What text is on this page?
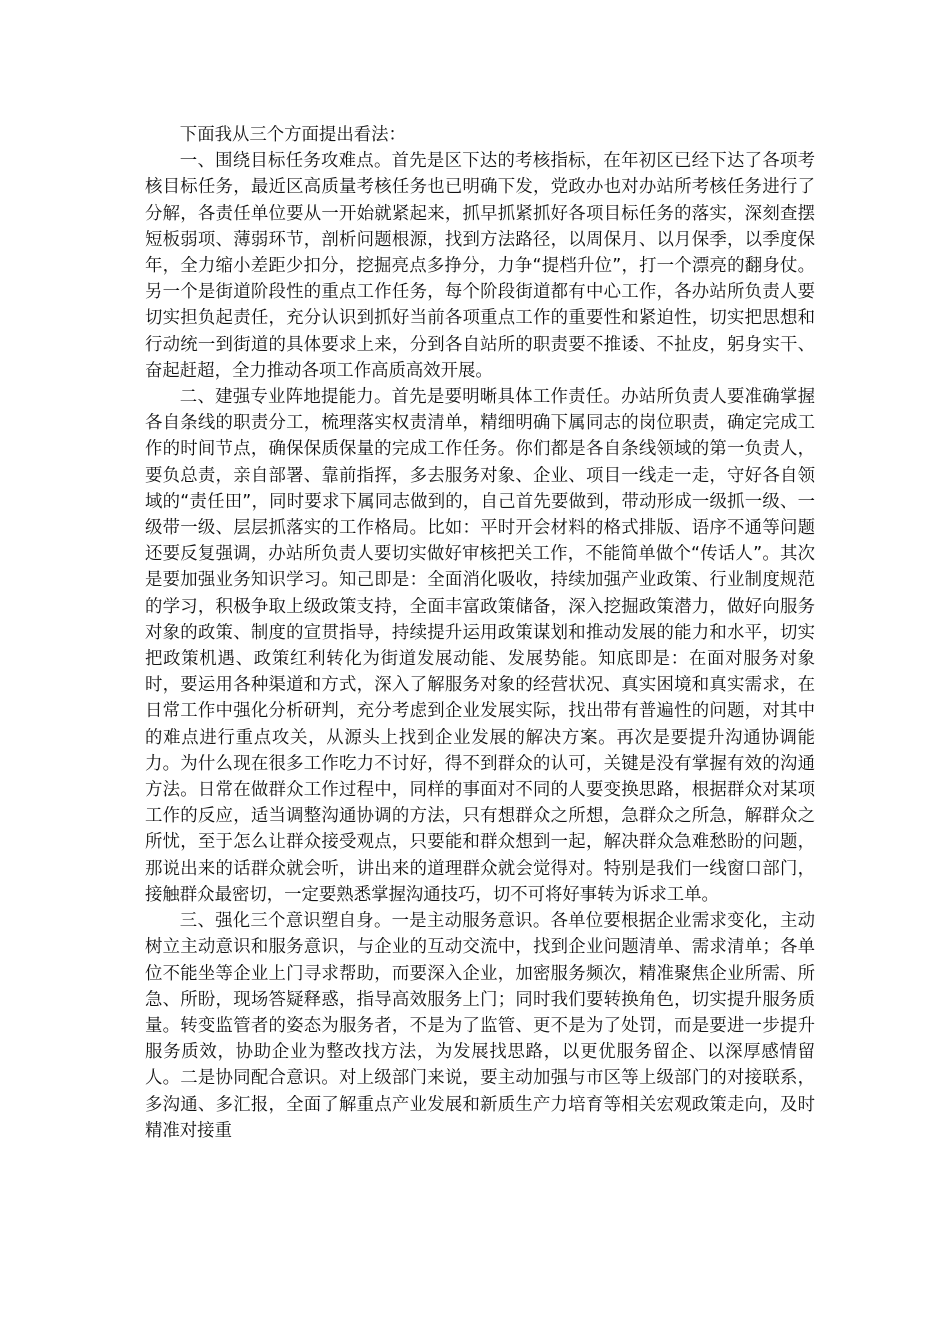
下面我从三个方面提出看法：

一、围绕目标任务攻难点。首先是区下达的考核指标，在年初区已经下达了各项考核目标任务，最近区高质量考核任务也已明确下发，党政办也对办站所考核任务进行了分解，各责任单位要从一开始就紧起来，抓早抓紧抓好各项目标任务的落实，深刻查摆短板弱项、薄弱环节，剖析问题根源，找到方法路径，以周保月、以月保季，以季度保年，全力缩小差距少扣分，挖掘亮点多挣分，力争“提档升位”，打一个漂亮的翻身仗。另一个是街道阶段性的重点工作任务，每个阶段街道都有中心工作，各办站所负责人要切实担负起责任，充分认识到抓好当前各项重点工作的重要性和紧迫性，切实把思想和行动统一到街道的具体要求上来，分到各自站所的职责要不推诿、不扯皮，躬身实干、奋起赶超，全力推动各项工作高质高效开展。

二、建强专业阵地提能力。首先是要明晰具体工作责任。办站所负责人要准确掌握各自条线的职责分工，梳理落实权责清单，精细明确下属同志的岗位职责，确定完成工作的时间节点，确保保质保量的完成工作任务。你们都是各自条线领域的第一负责人，要负总责，亲自部署、靠前指挥，多去服务对象、企业、项目一线走一走，守好各自领域的“责任田”，同时要求下属同志做到的，自己首先要做到，带动形成一级抓一级、一级带一级、层层抓落实的工作格局。比如：平时开会材料的格式排版、语序不通等问题还要反复强调，办站所负责人要切实做好审核把关工作，不能简单做个“传话人”。其次是要加强业务知识学习。知己即是：全面消化吸收，持续加强产业政策、行业制度规范的学习，积极争取上级政策支持，全面丰富政策储备，深入挖掘政策潜力，做好向服务对象的政策、制度的宣贯指导，持续提升运用政策谋划和推动发展的能力和水平，切实把政策机遇、政策红利转化为街道发展动能、发展势能。知底即是：在面对服务对象时，要运用各种渠道和方式，深入了解服务对象的经营状况、真实困境和真实需求，在日常工作中强化分析研判，充分考虑到企业发展实际，找出带有普遍性的问题，对其中的难点进行重点攻关，从源头上找到企业发展的解决方案。再次是要提升沟通协调能力。为什么现在很多工作吃力不讨好，得不到群众的认可，关键是没有掌握有效的沟通方法。日常在做群众工作过程中，同样的事面对不同的人要变换思路，根据群众对某项工作的反应，适当调整沟通协调的方法，只有想群众之所想，急群众之所急，解群众之所忧，至于怎么让群众接受观点，只要能和群众想到一起，解决群众急难愁盼的问题，那说出来的话群众就会听，讲出来的道理群众就会觉得对。特别是我们一线窗口部门，接触群众最密切，一定要熟悉掌握沟通技巧，切不可将好事转为诉求工单。

三、强化三个意识塑自身。一是主动服务意识。各单位要根据企业需求变化，主动树立主动意识和服务意识，与企业的互动交流中，找到企业问题清单、需求清单；各单位不能坐等企业上门寻求帮助，而要深入企业，加密服务频次，精准聚焦企业所需、所急、所盼，现场答疑释惑，指导高效服务上门；同时我们要转换角色，切实提升服务质量。转变监管者的姿态为服务者，不是为了监管、更不是为了处罚，而是要进一步提升服务质效，协助企业为整改找方法，为发展找思路，以更优服务留企、以深厚感情留人。二是协同配合意识。对上级部门来说，要主动加强与市区等上级部门的对接联系，多沟通、多汇报，全面了解重点产业发展和新质生产力培育等相关宏观政策走向，及时精准对接重
